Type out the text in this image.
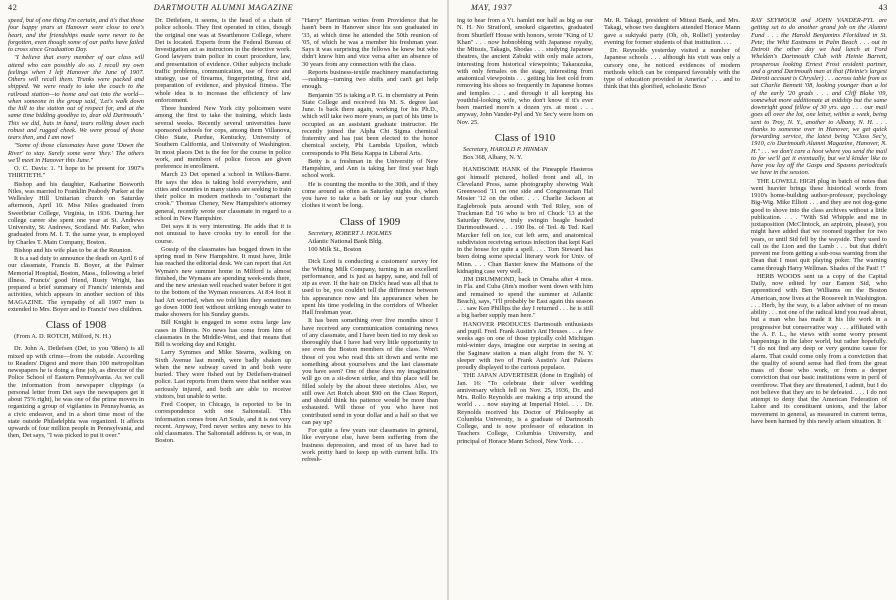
42	DARTMOUTH ALUMNI MAGAZINE

speed, but of one thing I'm certain, and it's that those four happy years at Hanover were close to one's heart, and the friendships made were never to be forgotten, even though some of our paths have failed to cross since Graduation Day.

"I believe that every member of our class will attend who can possibly do so. I recall my own feelings when I left Hanover the June of 1907. Others will recall them. Trunks were packed and shipped. We were ready to take the coach to the railroad station—to home and out into the world—when someone in the group said, 'Let's walk down the hill to the station out of respect for, and at the same time bidding goodbye to, dear old Dartmouth.' This we did, hats in hand, tears rolling down each robust and rugged cheek. We were proud of those tears then, and I am now!

"Some of those classmates have gone 'Down the River' to stay. Surely some were 'they.' The others we'll meet in Hanover this June."

O. C. Davis: 1. "I hope to be present for 1907's THIRTIETH."

Bishop and his daughter, Katharine Bosworth Niles, was married to Franklin Peabody Parker at the Wellesley Hill Unitarian church on Saturday afternoon, April 10. Miss Niles graduated from Sweetbriar College, Virginia, in 1936. During her college career she spent one year at St. Andrews University, St. Andrews, Scotland. Mr. Parker, who graduated from M. I. T. the same year, is employed by Charles T. Main Company, Boston.

Bishop and his wife plan to be at the Reunion.

It is a sad duty to announce the death on April 6 of our classmate, Francis B. Boyer, at the Palmer Memorial Hospital, Boston, Mass., following a brief illness. Francis' good friend, Rusty Wright, has prepared a brief summary of Francis' interests and activities, which appears in another section of this MAGAZINE. The sympathy of all 1907 men is extended to Mrs. Boyer and to Francis' two children.

Class of 1908

(From A. D. ROTCH, Milford, N. H.)

Dr. John A. Detlefsen (Det, to you '08ers) is all mixed up with crime—from the outside. According to Readers' Digest and more than 100 metropolitan newspapers he is doing a fine job, as director of the Police School of Eastern Pennsylvania. As we cull the information from newspaper clippings (a personal letter from Det says the newspapers get it about 75% right), he was one of the prime movers in organizing a group of vigilantes in Pennsylvania, as a civic endeavor, and in a short time most of the state outside Philadelphia was organized. It affects upwards of four million people in Pennsylvania, and then, Det says, "I was picked to put it over."

Dr. Detlefsen, it seems, is the head of a chain of police schools. They first operated in cities, though the original one was at Swarthmore College, where Det is located. Experts from the Federal Bureau of Investigation act as instructors in the detective work. Good lawyers train police in court procedure, law, and presentation of evidence. Other subjects include traffic problems, communication, use of force and strategy, use of firearms, fingerprinting, first aid, preparation of evidence, and physical fitness. The whole idea is to increase the efficiency of law enforcement.

Three hundred New York city policemen were among the first to take the training, which lasts several weeks. Recently several universities have sponsored schools for cops, among them Villanova, Ohio State, Purdue, Kentucky, University of Southern California, and University of Washington. In most places Det is the fee for the course in police work, and members of police forces are given preference in enrollment.

March 23 Det opened a school in Wilkes-Barre. He says the idea is taking hold everywhere, and cities and counties in many states are seeking to train their police in modern methods to "outsmart the crook." Thomas Cheney, New Hampshire's attorney general, recently wrote our classmate in regard to a school in New Hampshire.

Det says it is very interesting. He adds that it is not unusual to have crooks try to enroll for the course.

Gossip of the classmates has bogged down in the spring mud in New Hampshire. It must have, little has reached the editorial desk. We can report that Art Wyman's new summer home in Milford is almost finished, the Wymans are spending week-ends there, and the new artesian well reached water before it got to the bottom of the Wyman resources. At 8:4 foot it had Art worried, when we told him they sometimes go down 1000 feet without striking enough water to make showers for his Sunday guests.

Bill Knight is engaged in some extra large law cases in Illinois. No news has come from him of classmates in the Middle-West, and that means that Bill is working day and Knight.

Larry Symmes and Mike Stearns, walking on Sixth Avenue last month, were badly shaken up when the new subway caved in and both were buried. They were fished out by Detlefsen-trained police. Last reports from them were that neither was seriously injured, and both are able to receive visitors, but unable to write.

Fred Cooper, in Chicago, is reported to be in correspondence with one Saltonstall. This information comes from Art Soule, and it is not very recent. Anyway, Fred never writes any news to his old classmates. The Saltonstall address is, or was, in Boston.

"Harry" Harriman writes from Providence that he hasn't been in Hanover since his son graduated in '33, at which time he attended the 50th reunion of '05, of which he was a member his freshman year. Says it was surprising the fellows he knew but who didn't know him and vice versa after an absence of 30 years from any connection with the class.

Reports business-textile machinery manufacturing—rushing—turning two shifts and can't get help enough.

Benjamin '35 is taking a P. G. in chemistry at Penn State College and received his M. S. degree last June. Is back there again, working for his Ph.D., which will take two more years, as part of his time is occupied as an assistant graduate instructor. He recently joined the Alpha Chi Sigma chemical fraternity and has just been elected to the honor chemical society, Phi Lambda Upsilon, which corresponds to Phi Beta Kappa in Liberal Arts.

Betty is a freshman in the University of New Hampshire, and Ann is taking her first year high school work.

He is counting the months to the 30th, and if they come around as often as Saturday nights do, when you have to take a bath or lay out your church clothes it won't be long.

Class of 1909

Secretary, ROBERT J. HOLMES

Atlantic National Bank Bldg.

100 Milk St., Boston

Dick Lord is conducting a customers' survey for the Whiting Milk Company, turning in an excellent performance, and is just as happy, sane, and full of zip as ever. If the hair on Dick's head was all that is used to be, you couldn't tell the difference between his appearance now and his appearance when he spent his time yodeling in the corridors of Wheeler Hall freshman year.

It has been something over five months since I have received any communication containing news of any classmate, and I have been tied to my desk so thoroughly that I have had very little opportunity to see even the Boston members of the class. Won't those of you who read this sit down and write me something about yourselves and the last classmate you have seen? One of these days my imagination will go on a sit-down strike, and this place will be filled solely by the about three sterioles. Also, we still owe Art Rotch about $90 on the Class Report, and should think his patience would be more than exhausted. Will those of you who have not contributed send in your dollar and a half so that we can pay up?

For quite a few years our classmates in general, like everyone else, have been suffering from the business depression, and most of us have had to work pretty hard to keep up with current bills. It's refresh-

MAY, 1937	43

ing to hear from a Vt. hamlet nor half as big as our N. H. No Stratford, smoked cigarettes, graduated from Shurtleff House with honors, wrote "King of U Khan" . . . now hobnobbing with Japanese royalty, the Mitsuis, Takagis, Shodas . . . studying Japanese theatres, the ancient Zabuki with only male actors, interesting from historical viewpoints; Takarazuka, with only females on the stage, interesting from anatomical viewpoints . . . getting his feet cold from removing his shoes so frequently in Japanese homes and temples . . . and through it all keeping his youthful-looking wife, who don't know if it's ever been married more'n a dozen yrs. at most . . . anyway, John Vander-Pyl and Ye Sec'y were born on Nov. 25.

Class of 1910

Secretary, HAROLD P. HINMAN

Box 368, Albany, N. Y.

HANDSOME HANK of the Pineapple Hasteros got himself pictured, bolled front and all, in Cleveland Press, same photography showing Walt Greenwood '11 on one side and Congressman Hal Mosier '12 on the other. . . . Charlie Jackson at Eaglebrook puts around with Ted Riley, son of Trackman Ed '16 who is bro of Chuck '13 at the Saturday Review, truly swingin beagle beaded Dartmouthward. . . . 190 lbs. of Ted. & Ted. Karl Marcker fell on ice, cut left arm, and anatomical subdivision receiving serious infection that kept Karl in the house for quite a spell. . . . Tom Steward has been doing some special literary work for Univ. of Minn. . . . Chan Baxter knew the Mattsons of the kidnaping case very well.

JIM DRUMMOND, back in Omaha after 4 mos. in Fla. and Cuba (Jim's mother went down with him and remained to spend the summer at Atlantic Beach), says, "I'll probably be East again this season . . . saw Ken Phillips the day I returned . . . he is still a big barber supply man here."

HANOVER PRODUCES Dartmouth enthusiasts and pupil. Fred. Frank Austin's Ant Houses . . . a few weeks ago on one of those typically cold Michigan mid-winter days, imagine our surprise in seeing at the Saginaw station a man alight from the N. Y. sleeper with two of Frank Austin's Ant Palaces proudly displayed to the curious populace.

THE JAPAN ADVERTISER (done in English) of Jan. 16: "To celebrate their silver wedding anniversary which fell on Nov. 25, 1936, Dr. and Mrs. Rollo Reynolds are making a trip around the world . . . now staying at Imperial Hotel. . . . Dr. Reynolds received his Doctor of Philosophy at Columbia University, is a graduate of Dartmouth College, and is now professor of education in Teachers College, Columbia University, and principal of Horace Mann School, New York. . . .

Mr. R. Takagi, president of Mitsui Bank, and Mrs. Takagi, whose two daughters attended Horace Mann gave a sukiyaki party (Oh, oh, Rollie!) yesterday evening for former students of that institution. . . .

Dr. Reynolds yesterday visited a number of Japanese schools . . . although his visit was only a cursory one, he noticed evidences of modern methods which can be compared favorably with the type of education provided in America" . . . and to think that this glorified, scholastic Boso

RAY SEYMOUR and JOHN VANDER-PYL are getting set to do another grand job on the Alumni Fund . . . the Harold Benjamins Floridized in St. Pete; the Whit Eastmans in Palm Beach . . . out in Detroit the other day we had lunch at Ford Whelden's Dartmouth Club with Heinie Barrett, prosperous looking Ernest Frost resident partner, and a grand Dartmouth man at that (Heinie's largest Detroit account is Chrysler) . . . across table from us sat Charlie Bennett '08, looking younger than a lot of the early '20 grads . . . and Cliff Blake '09, somewhat more additionate at midship but the same downright good fellow of 30 yrs. ago . . . our mail goes all over the lot, one letter, within a week, being sent to Troy, N. Y., another to Albany, N. H. . . . thanks to someone over in Hanover, we get quick forwarding service, the latest being "Class Sec'y, 1910, c/o Dartmouth Alumni Magazine, Hanover, N. H." . . . we don't care a hoot where you send the mail to for we'll get it eventually, but we'd kinder like to have you lay off the Gasps and Spasms periodicals we have in the session.

THE LOWELL HIGH plug in batch of notes that went heavier brings these historical words from 1910's home-building author-professor, psychology Big-Wig. Mike Elliott . . . and they are not dog-gone good to shove into the class archives without a little publication. . . . "With Sid Whipple and me in juxtaposition (McClintock, an azpiroin, please), you might have added that we roomed together for two years, or until Sid fell by the wayside. They used to call us the Lion and the Lamb . . . but that didn't prevent me from getting a sub-rosa warning from the Dean that I must quit playing poker. The warning came through Harry Wellman. Shades of the Past! !"

HERB WOODS sent us a copy of the Capital Daily, now edited by our Eamon Sid, who apprenticed with Ben Williams on the Boston American, now lives at the Roosevelt in Washington. . . . Herb, by the way, is a labor adviser of no mean ability . . . not one of the radical kind you read about, but a man who has made it his life work in a progressive but conservative way . . . affiliated with the A. F. L., he views with some worry present happenings in the labor world, but rather hopefully. "I do not find any deep or very genuine cause for alarm. That could come only from a conviction that the quality of sound sense had fled from the great mass of those who work, or from a deeper conviction that our basic institutions were in peril of overthrow. That they are threatened, I admit, but I do not believe that they are to be defeated. . . . I do not attempt to deny that the American Federation of Labor and its constituent unions, and the labor movement in general, as measured in current terms, have been harmed by this newly arisen situation. It
